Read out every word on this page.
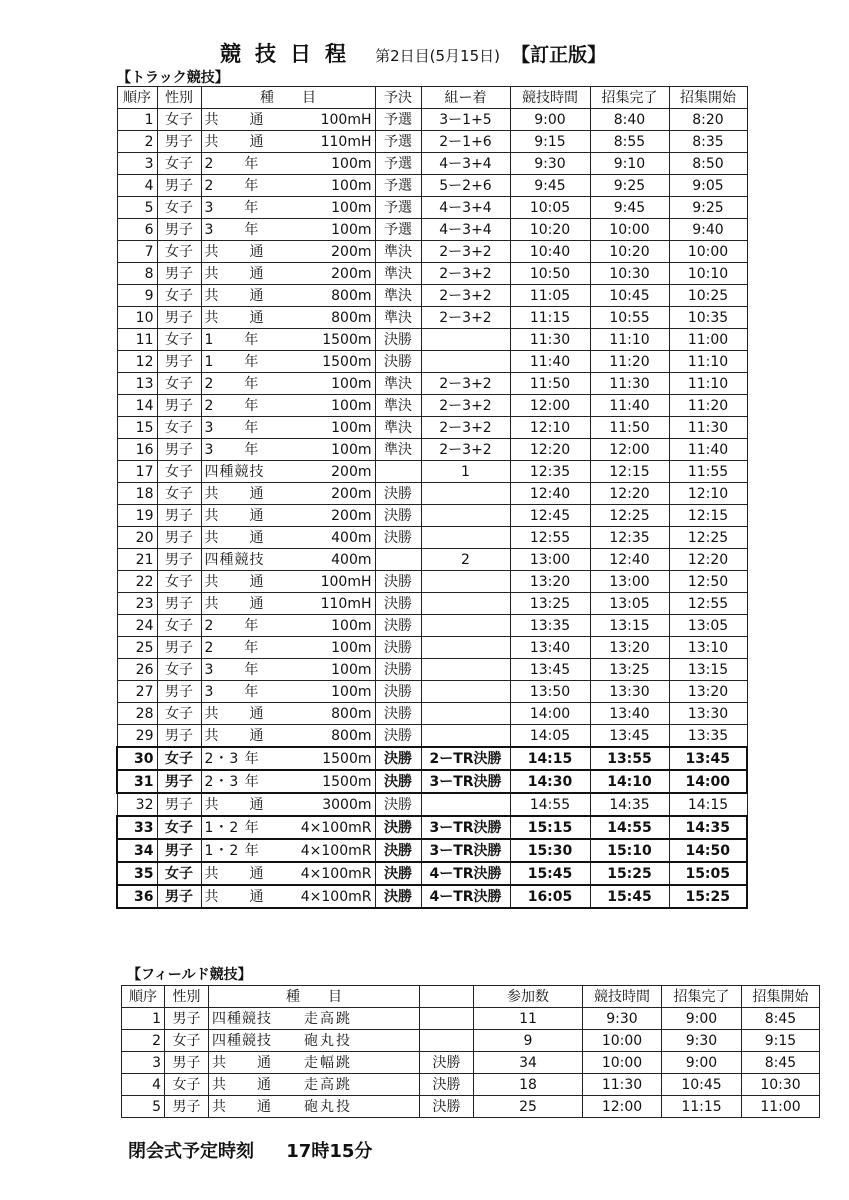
競技日程 第2日目(5月15日) 【訂正版】
【トラック競技】
順序	性別	種　　目	予決	組ー着	競技時間	招集完了	招集開始
1	女子	共　　通 100mH	予選	3ー1+5	9:00	8:40	8:20
2	男子	共　　通 110mH	予選	2ー1+6	9:15	8:55	8:35
3	女子	2　　年 100m	予選	4ー3+4	9:30	9:10	8:50
4	男子	2　　年 100m	予選	5ー2+6	9:45	9:25	9:05
5	女子	3　　年 100m	予選	4ー3+4	10:05	9:45	9:25
6	男子	3　　年 100m	予選	4ー3+4	10:20	10:00	9:40
7	女子	共　　通 200m	準決	2ー3+2	10:40	10:20	10:00
8	男子	共　　通 200m	準決	2ー3+2	10:50	10:30	10:10
9	女子	共　　通 800m	準決	2ー3+2	11:05	10:45	10:25
10	男子	共　　通 800m	準決	2ー3+2	11:15	10:55	10:35
11	女子	1　　年 1500m	決勝		11:30	11:10	11:00
12	男子	1　　年 1500m	決勝		11:40	11:20	11:10
13	女子	2　　年 100m	準決	2ー3+2	11:50	11:30	11:10
14	男子	2　　年 100m	準決	2ー3+2	12:00	11:40	11:20
15	女子	3　　年 100m	準決	2ー3+2	12:10	11:50	11:30
16	男子	3　　年 100m	準決	2ー3+2	12:20	12:00	11:40
17	女子	四種競技 200m		1	12:35	12:15	11:55
18	女子	共　　通 200m	決勝		12:40	12:20	12:10
19	男子	共　　通 200m	決勝		12:45	12:25	12:15
20	男子	共　　通 400m	決勝		12:55	12:35	12:25
21	男子	四種競技 400m		2	13:00	12:40	12:20
22	女子	共　　通 100mH	決勝		13:20	13:00	12:50
23	男子	共　　通 110mH	決勝		13:25	13:05	12:55
24	女子	2　　年 100m	決勝		13:35	13:15	13:05
25	男子	2　　年 100m	決勝		13:40	13:20	13:10
26	女子	3　　年 100m	決勝		13:45	13:25	13:15
27	男子	3　　年 100m	決勝		13:50	13:30	13:20
28	女子	共　　通 800m	決勝		14:00	13:40	13:30
29	男子	共　　通 800m	決勝		14:05	13:45	13:35
30	女子	2・3 年 1500m	決勝	2ーTR決勝	14:15	13:55	13:45
31	男子	2・3 年 1500m	決勝	3ーTR決勝	14:30	14:10	14:00
32	男子	共　　通 3000m	決勝		14:55	14:35	14:15
33	女子	1・2 年 4×100mR	決勝	3ーTR決勝	15:15	14:55	14:35
34	男子	1・2 年 4×100mR	決勝	3ーTR決勝	15:30	15:10	14:50
35	女子	共　　通 4×100mR	決勝	4ーTR決勝	15:45	15:25	15:05
36	男子	共　　通 4×100mR	決勝	4ーTR決勝	16:05	15:45	15:25
【フィールド競技】
順序	性別	種　　目		参加数	競技時間	招集完了	招集開始
1	男子	四種競技 走高跳		11	9:30	9:00	8:45
2	女子	四種競技 砲丸投		9	10:00	9:30	9:15
3	男子	共　　通 走幅跳	決勝	34	10:00	9:00	8:45
4	女子	共　　通 走高跳	決勝	18	11:30	10:45	10:30
5	男子	共　　通 砲丸投	決勝	25	12:00	11:15	11:00
閉会式予定時刻 17時15分
